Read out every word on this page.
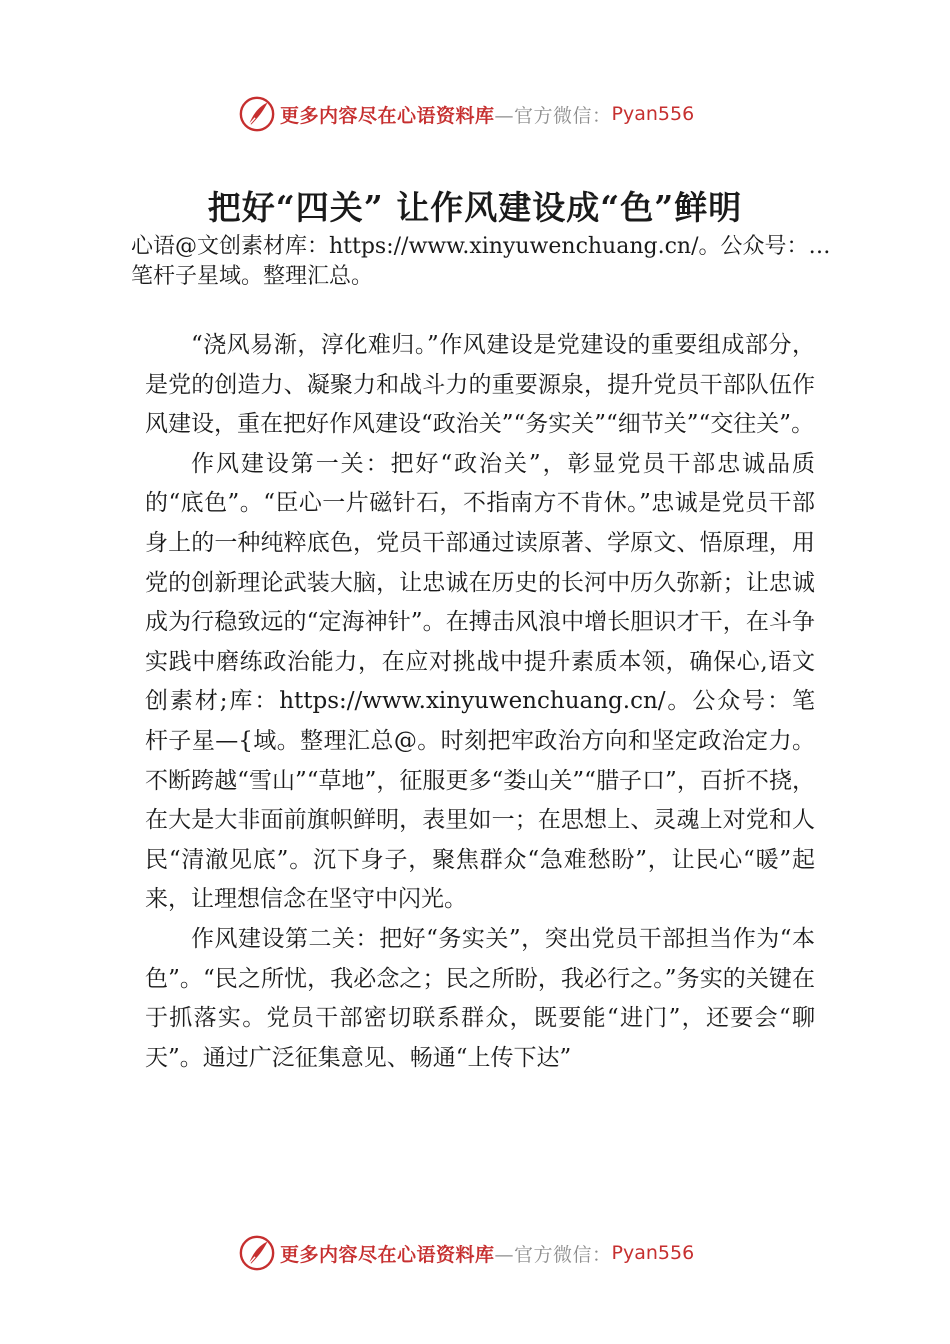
更多内容尽在心语资料库 —官方微信： Pyan556
把好“四关” 让作风建设成“色”鲜明

心语@文创素材库：https://www.xinyuwenchuang.cn/。公众号：…笔杆子星域。整理汇总。

“浇风易渐，淳化难归。”作风建设是党建设的重要组成部分，是党的创造力、凝聚力和战斗力的重要源泉，提升党员干部队伍作风建设，重在把好作风建设“政治关”“务实关”“细节关”“交往关”。

作风建设第一关：把好“政治关”，彰显党员干部忠诚品质的“底色”。“臣心一片磁针石，不指南方不肯休。”忠诚是党员干部身上的一种纯粹底色，党员干部通过读原著、学原文、悟原理，用党的创新理论武装大脑，让忠诚在历史的长河中历久弥新；让忠诚成为行稳致远的“定海神针”。在搏击风浪中增长胆识才干，在斗争实践中磨练政治能力，在应对挑战中提升素质本领，确保心,语文创素材;库：https://www.xinyuwenchuang.cn/。公众号：笔杆子星—{域。整理汇总@。时刻把牢政治方向和坚定政治定力。不断跨越“雪山”“草地”，征服更多“娄山关”“腊子口”，百折不挠，在大是大非面前旗帜鲜明，表里如一；在思想上、灵魂上对党和人民“清澈见底”。沉下身子，聚焦群众“急难愁盼”，让民心“暖”起来，让理想信念在坚守中闪光。

作风建设第二关：把好“务实关”，突出党员干部担当作为“本色”。“民之所忧，我必念之；民之所盼，我必行之。”务实的关键在于抓落实。党员干部密切联系群众，既要能“进门”，还要会“聊天”。通过广泛征集意见、畅通“上传下达”

更多内容尽在心语资料库 —官方微信： Pyan556
